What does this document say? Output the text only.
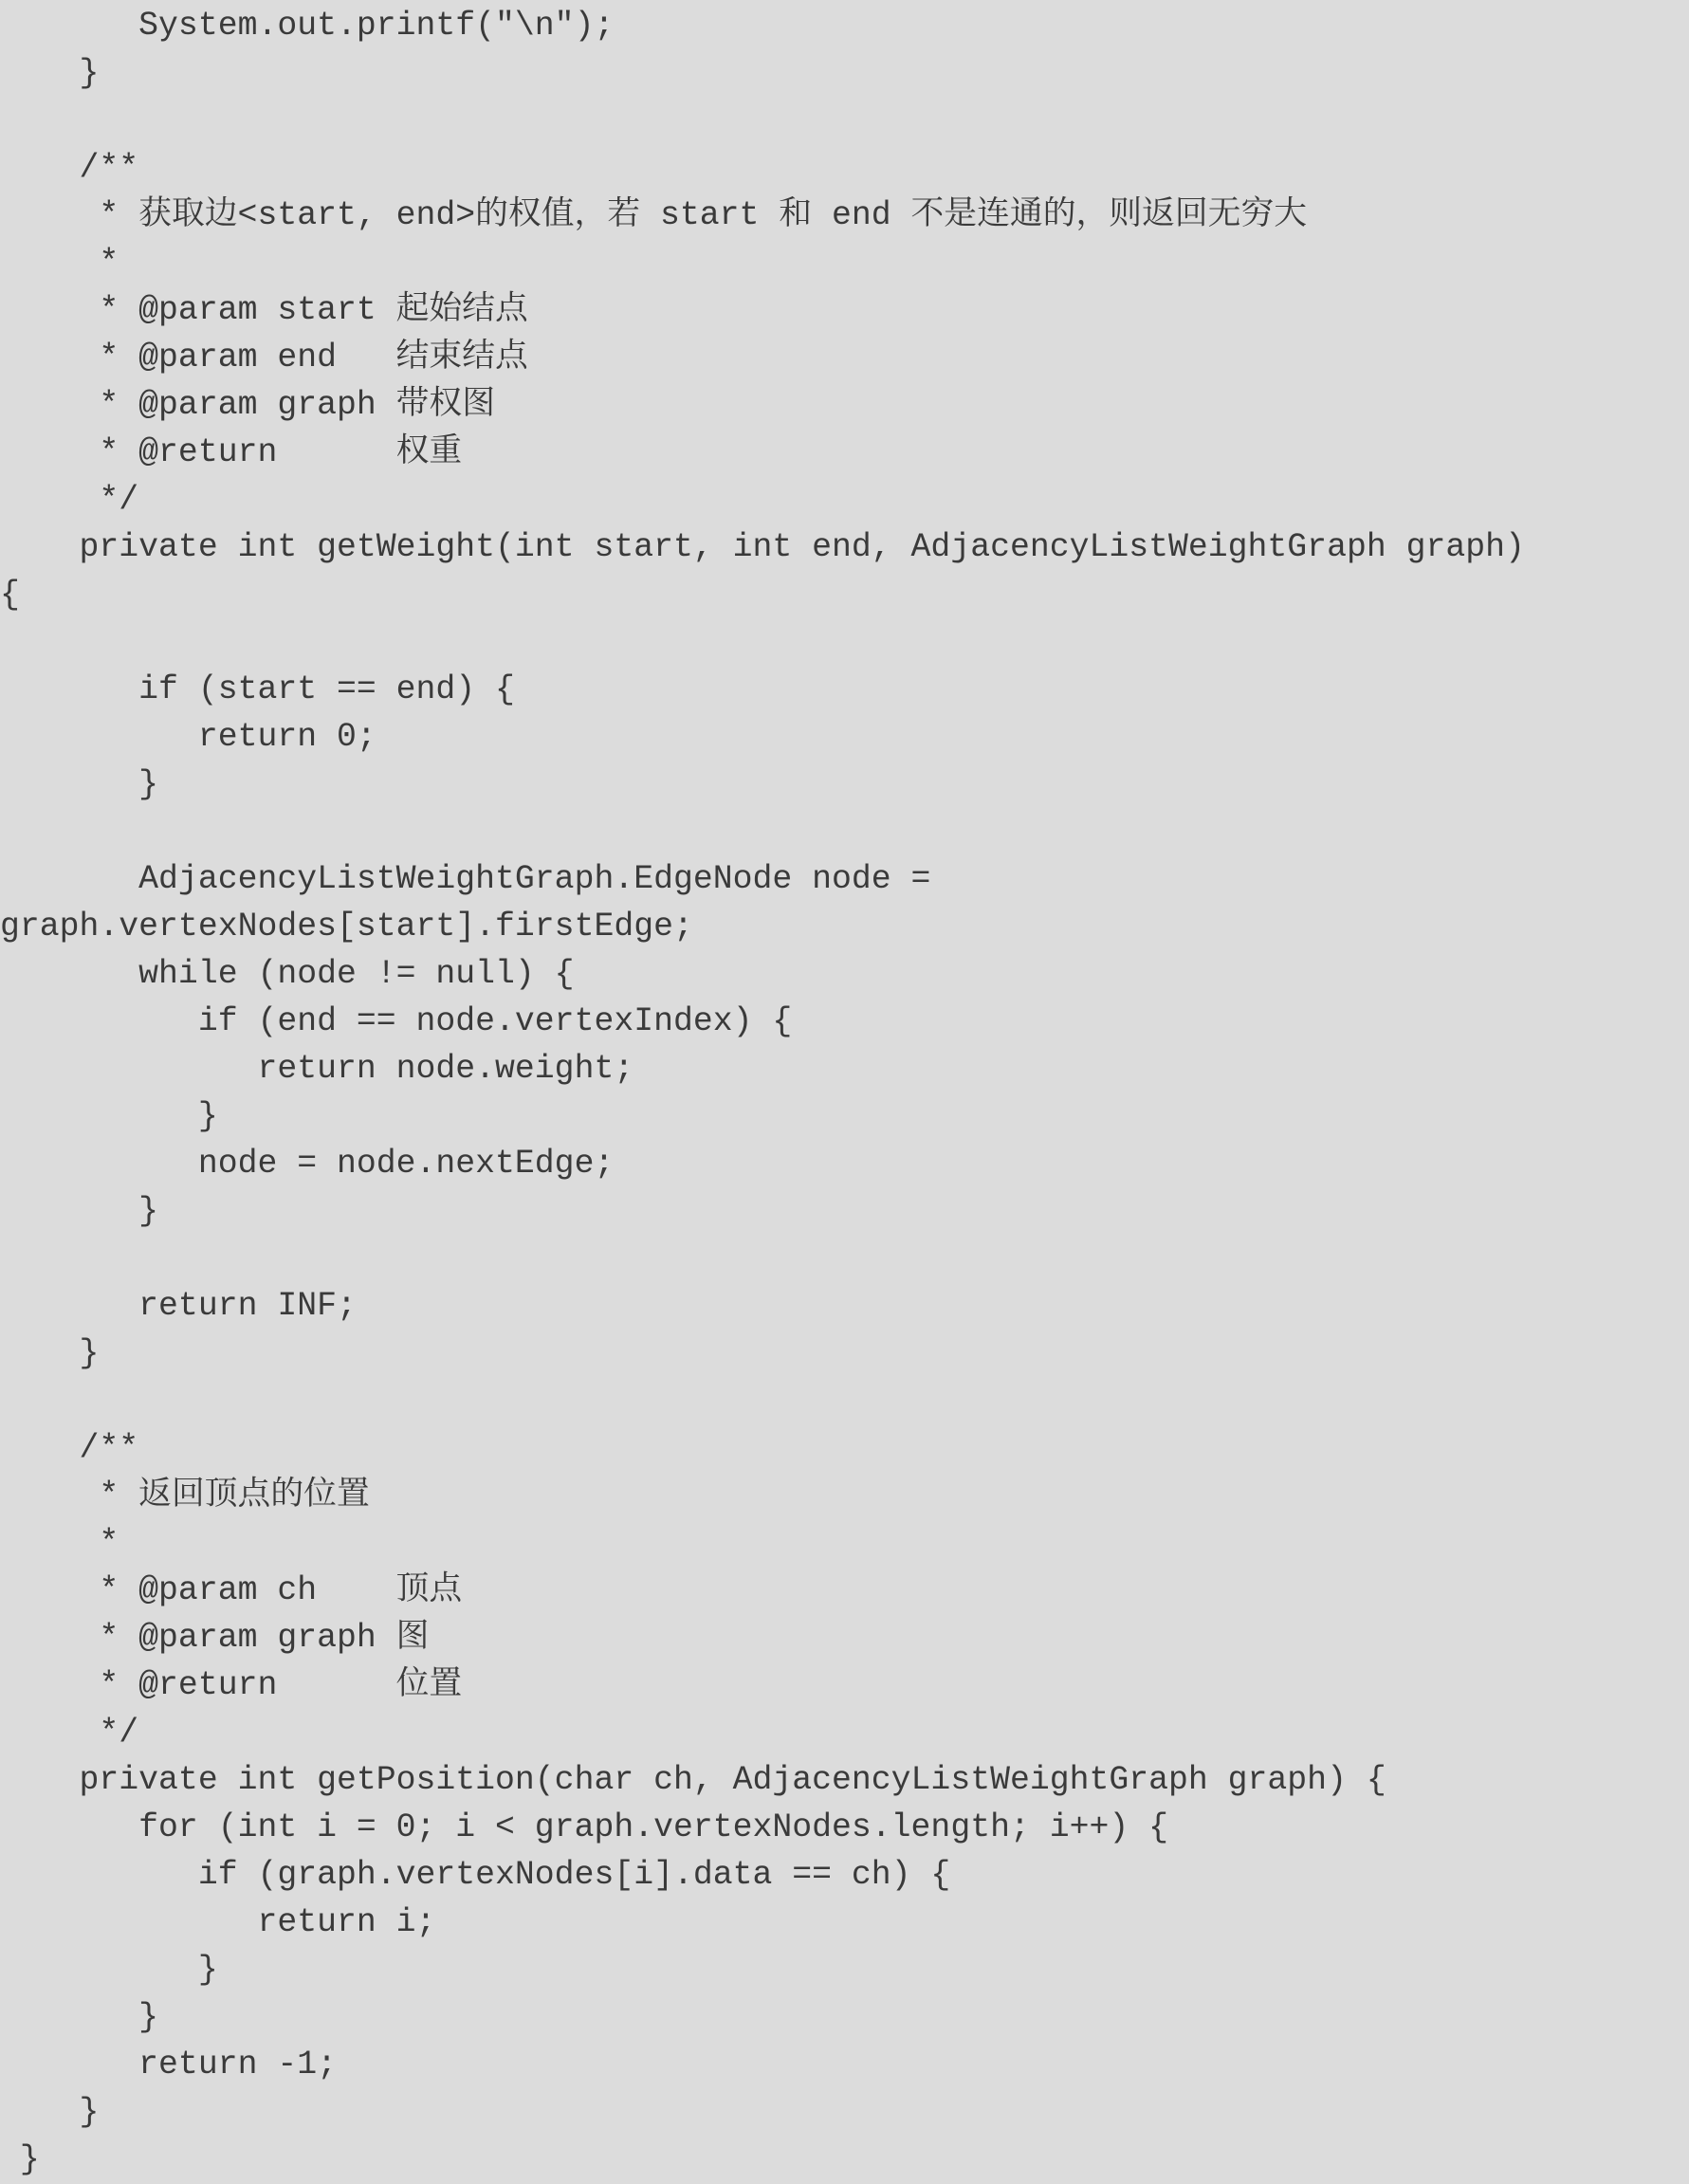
System.out.printf("\n");
}
/**
* 获取边<start, end>的权值，若 start 和 end 不是连通的，则返回无穷大
*
* @param start 起始结点
* @param end   结束结点
* @param graph 带权图
* @return      权重
*/
private int getWeight(int start, int end, AdjacencyListWeightGraph graph)
{
if (start == end) {
return 0;
}
AdjacencyListWeightGraph.EdgeNode node =
graph.vertexNodes[start].firstEdge;
while (node != null) {
if (end == node.vertexIndex) {
return node.weight;
}
node = node.nextEdge;
}
return INF;
}
/**
* 返回顶点的位置
*
* @param ch    顶点
* @param graph 图
* @return      位置
*/
private int getPosition(char ch, AdjacencyListWeightGraph graph) {
for (int i = 0; i < graph.vertexNodes.length; i++) {
if (graph.vertexNodes[i].data == ch) {
return i;
}
}
return -1;
}
}
